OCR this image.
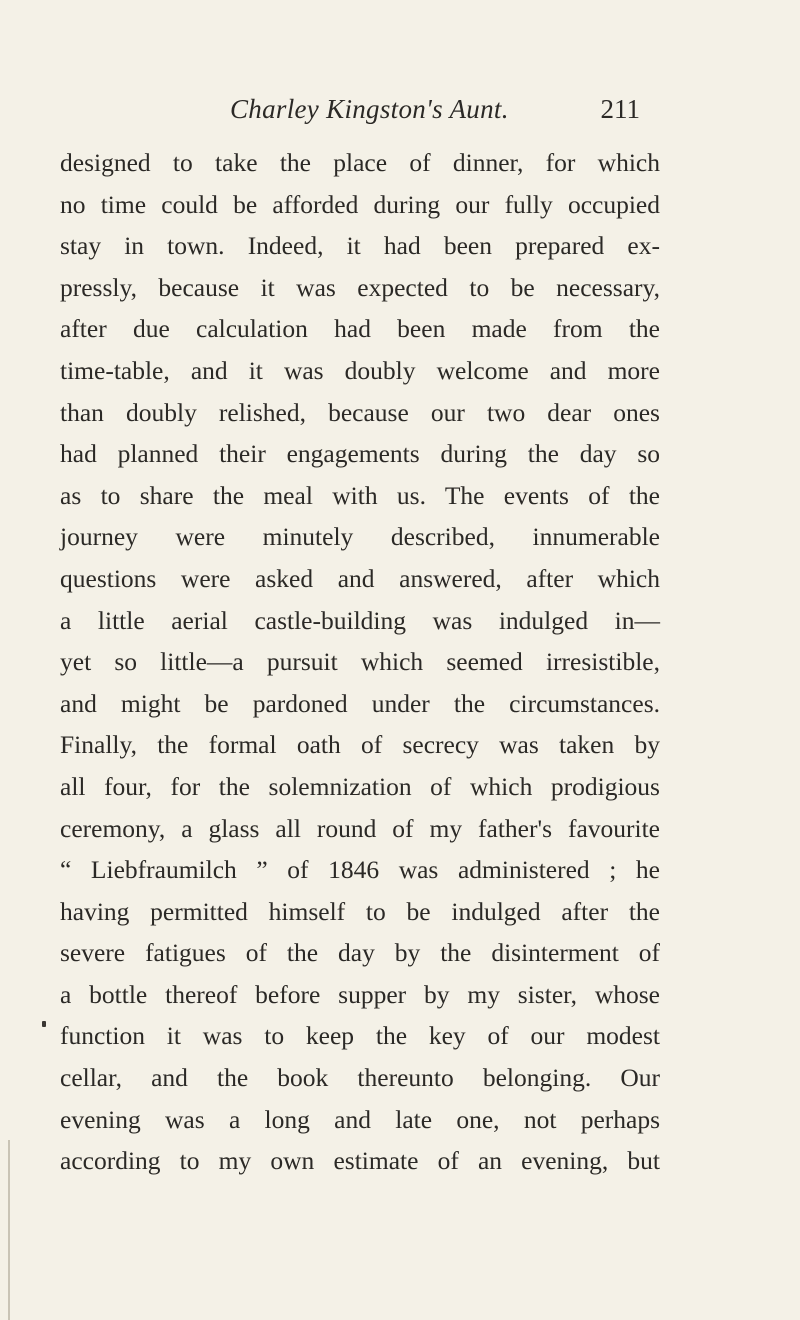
Charley Kingston's Aunt.	211
designed to take the place of dinner, for which
no time could be afforded during our fully occupied
stay in town. Indeed, it had been prepared ex-
pressly, because it was expected to be necessary,
after due calculation had been made from the
time-table, and it was doubly welcome and more
than doubly relished, because our two dear ones
had planned their engagements during the day so
as to share the meal with us. The events of the
journey were minutely described, innumerable
questions were asked and answered, after which
a little aerial castle-building was indulged in—
yet so little—a pursuit which seemed irresistible,
and might be pardoned under the circumstances.
Finally, the formal oath of secrecy was taken by
all four, for the solemnization of which prodigious
ceremony, a glass all round of my father's favourite
“ Liebfraumilch ” of 1846 was administered ; he
having permitted himself to be indulged after the
severe fatigues of the day by the disinterment of
a bottle thereof before supper by my sister, whose
function it was to keep the key of our modest
cellar, and the book thereunto belonging. Our
evening was a long and late one, not perhaps
according to my own estimate of an evening, but
